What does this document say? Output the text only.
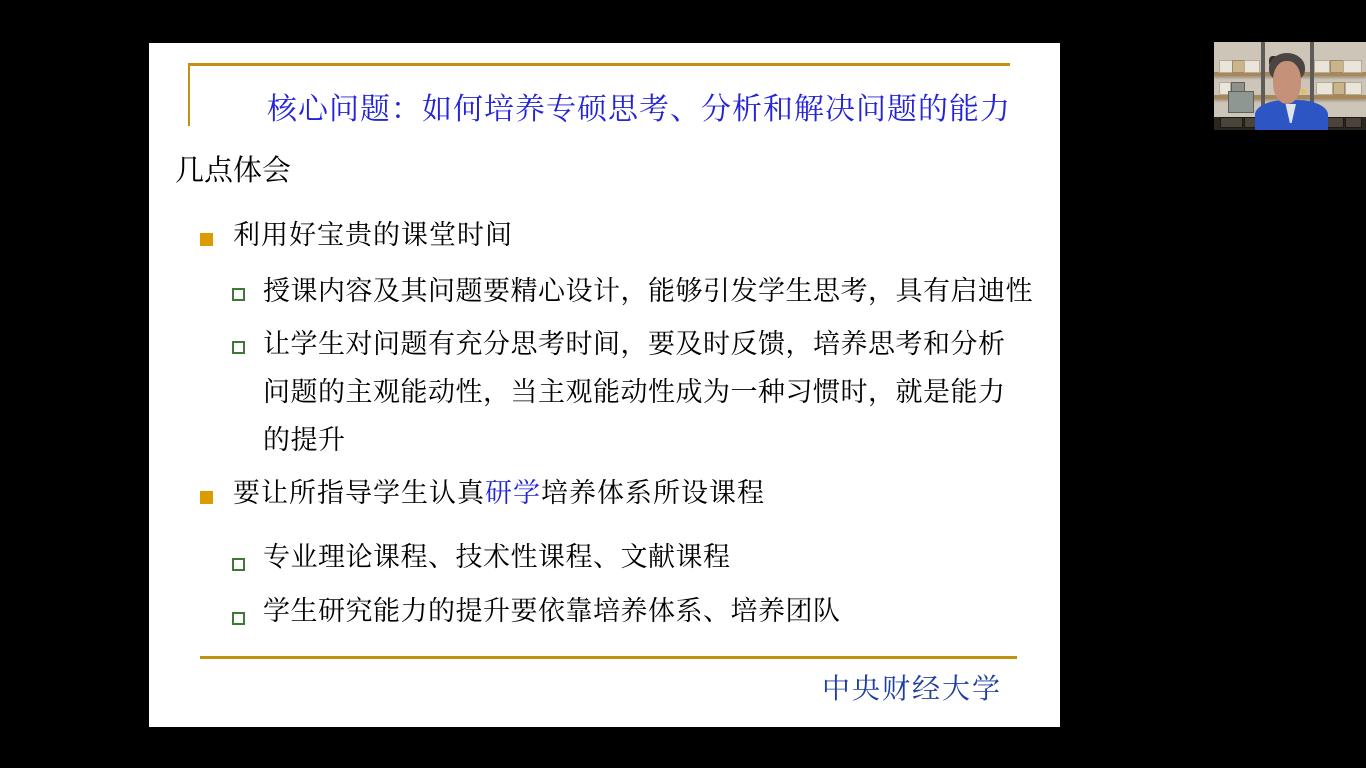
核心问题：如何培养专硕思考、分析和解决问题的能力
几点体会
利用好宝贵的课堂时间
授课内容及其问题要精心设计，能够引发学生思考，具有启迪性
让学生对问题有充分思考时间，要及时反馈，培养思考和分析问题的主观能动性，当主观能动性成为一种习惯时，就是能力的提升
要让所指导学生认真研学培养体系所设课程
专业理论课程、技术性课程、文献课程
学生研究能力的提升要依靠培养体系、培养团队
中央财经大学
